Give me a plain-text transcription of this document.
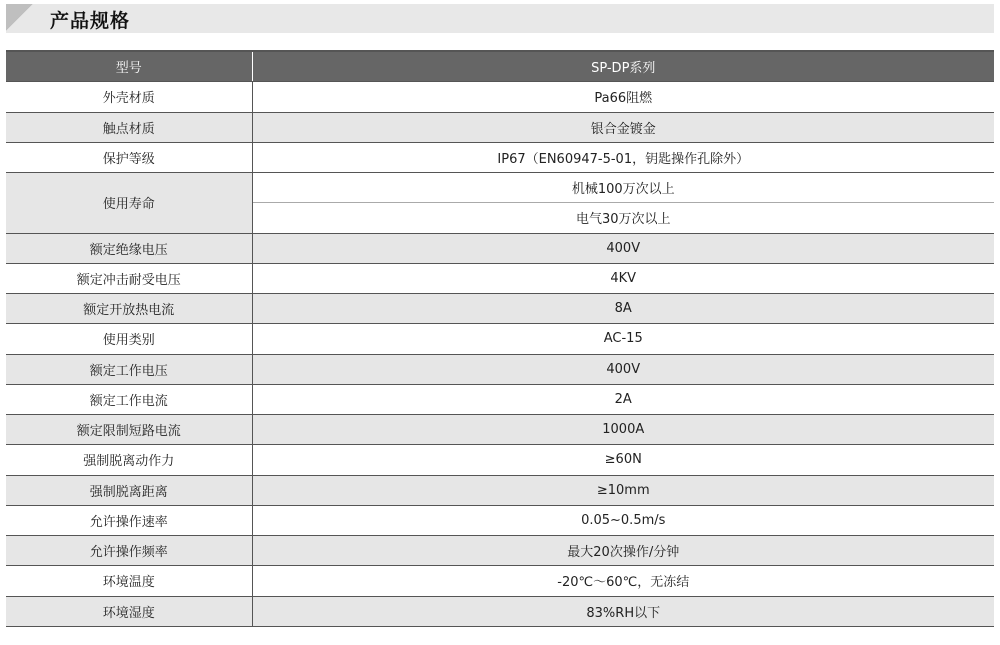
产品规格
型号	SP-DP系列
外壳材质	Pa66阻燃
触点材质	银合金镀金
保护等级	IP67（EN60947-5-01，钥匙操作孔除外）
使用寿命	机械100万次以上
	电气30万次以上
额定绝缘电压	400V
额定冲击耐受电压	4KV
额定开放热电流	8A
使用类别	AC-15
额定工作电压	400V
额定工作电流	2A
额定限制短路电流	1000A
强制脱离动作力	≥60N
强制脱离距离	≥10mm
允许操作速率	0.05~0.5m/s
允许操作频率	最大20次操作/分钟
环境温度	-20℃～60℃，无冻结
环境湿度	83%RH以下
